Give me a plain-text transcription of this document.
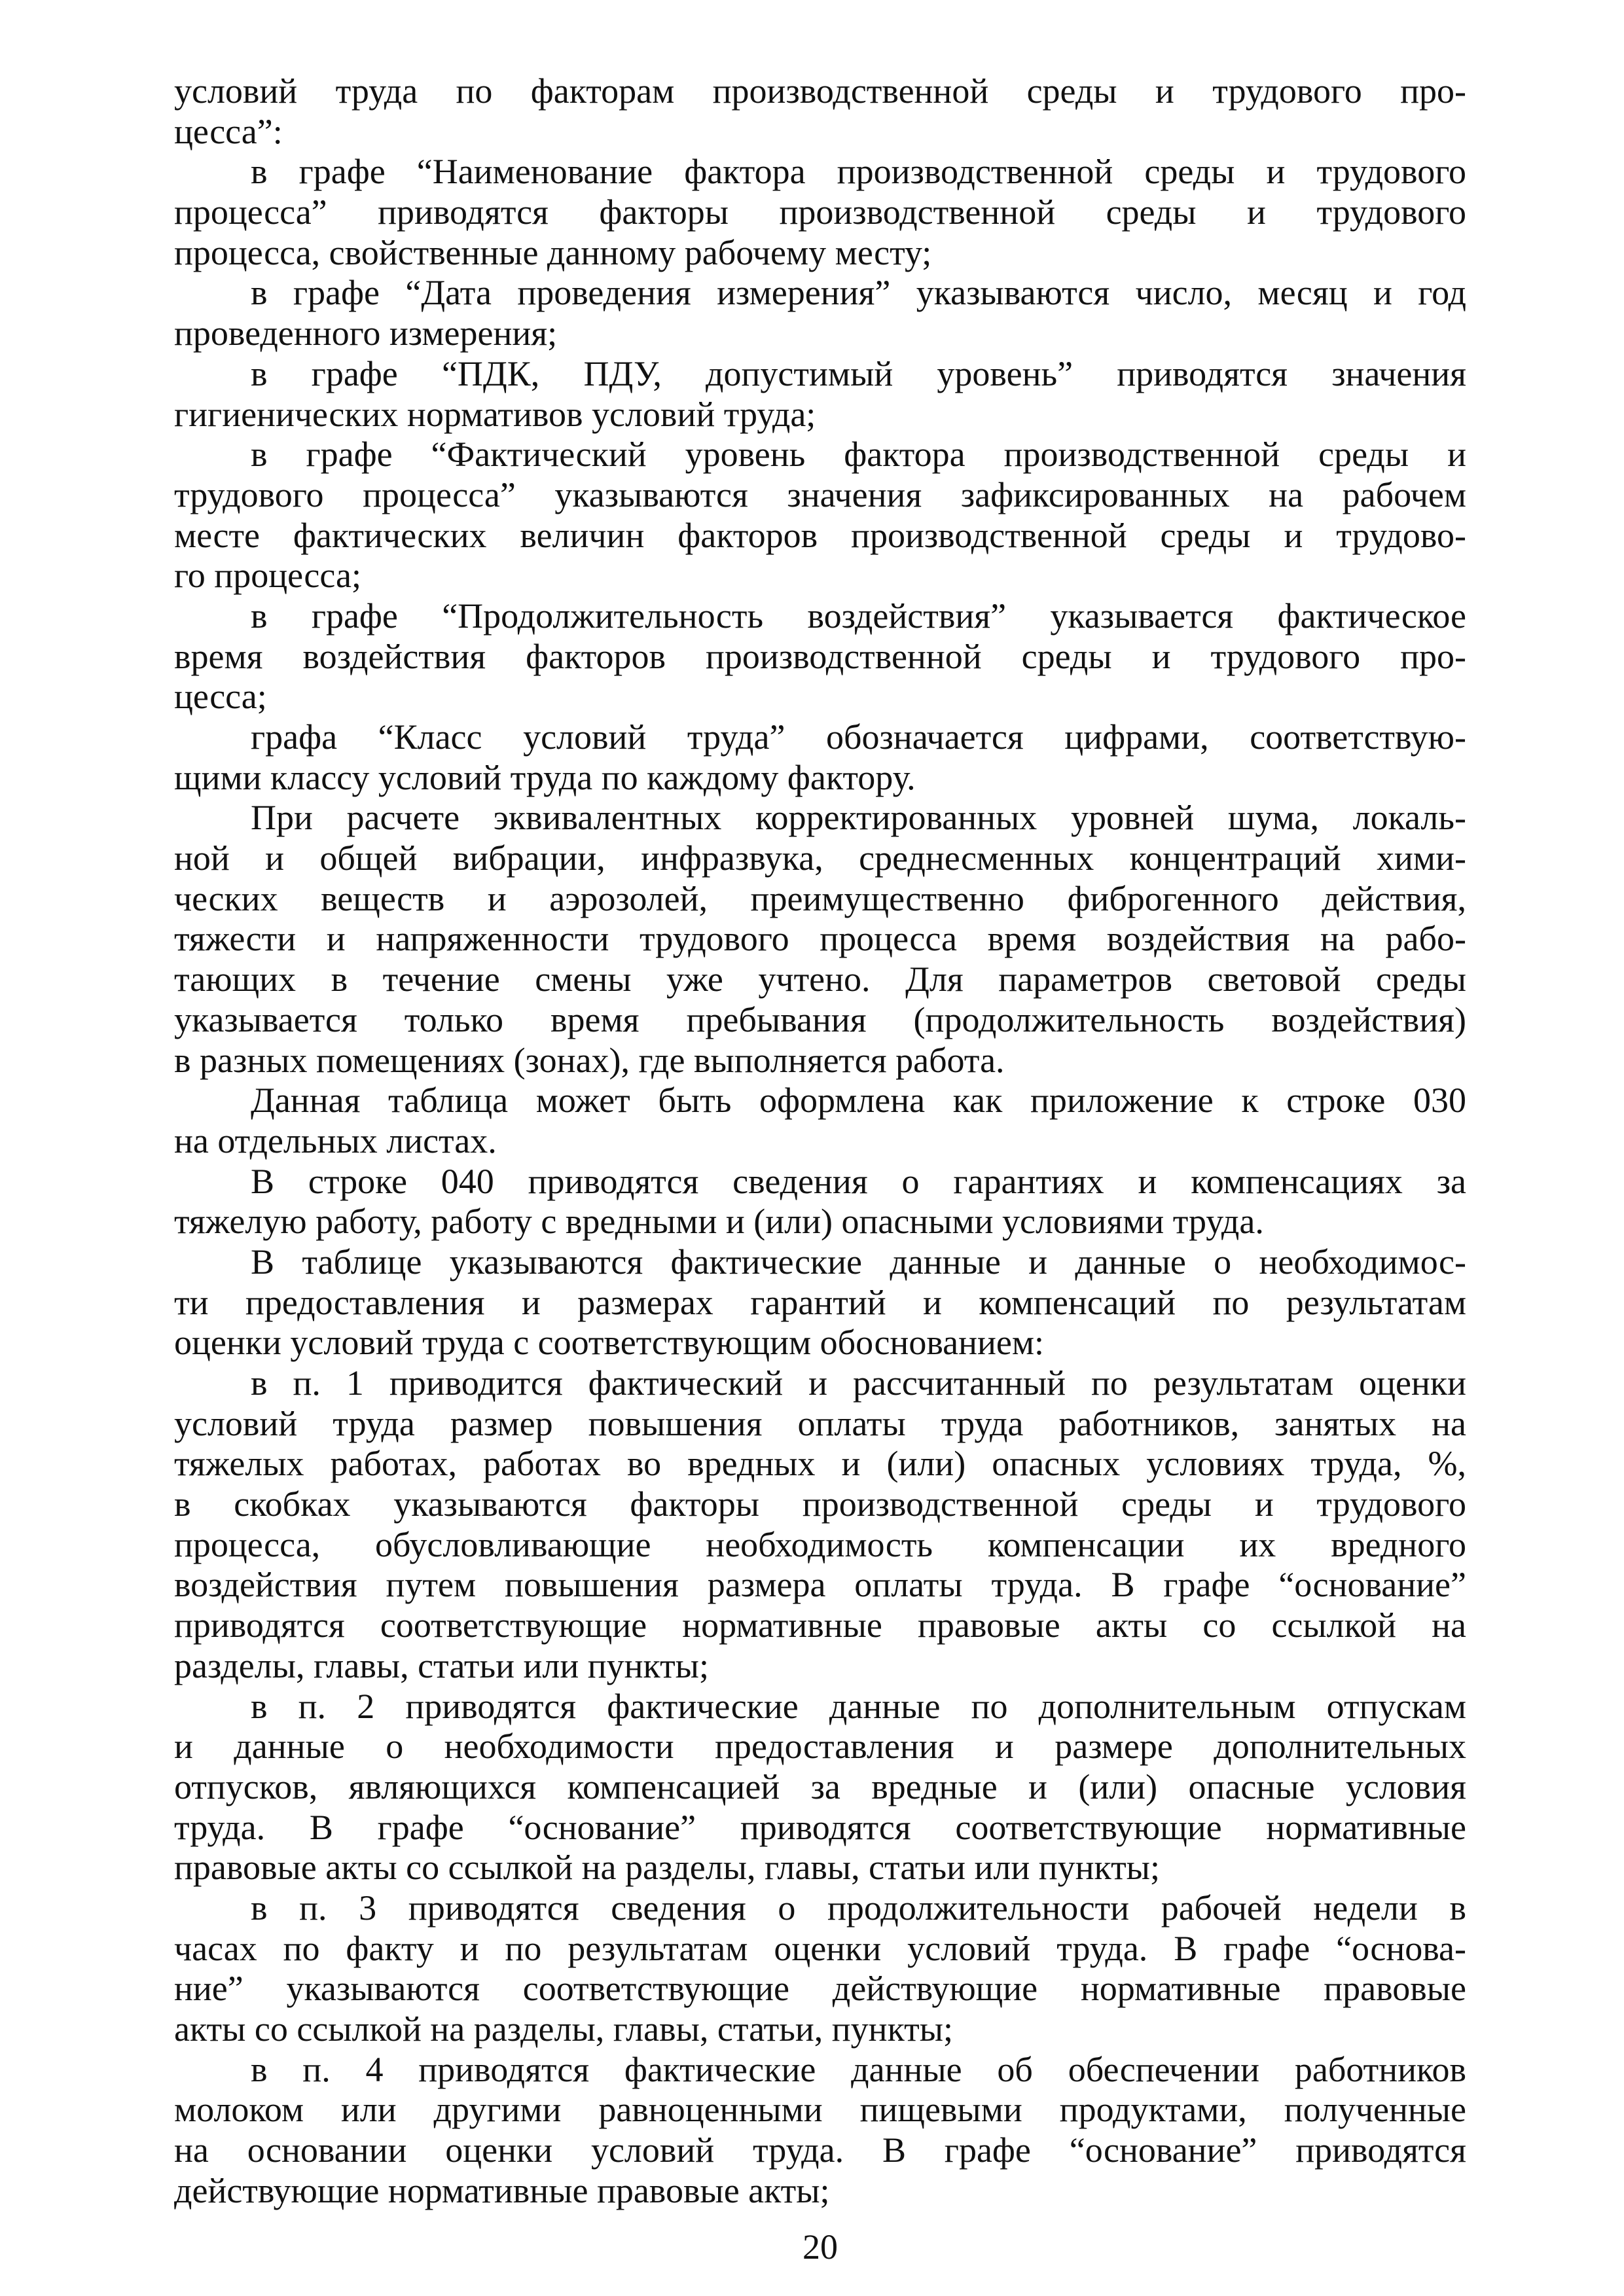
условий труда по факторам производственной среды и трудового про-
цесса”:
в графе “Наименование фактора производственной среды и трудового
процесса” приводятся факторы производственной среды и трудового
процесса, свойственные данному рабочему месту;
в графе “Дата проведения измерения” указываются число, месяц и год
проведенного измерения;
в графе “ПДК, ПДУ, допустимый уровень” приводятся значения
гигиенических нормативов условий труда;
в графе “Фактический уровень фактора производственной среды и
трудового процесса” указываются значения зафиксированных на рабочем
месте фактических величин факторов производственной среды и трудово-
го процесса;
в графе “Продолжительность воздействия” указывается фактическое
время воздействия факторов производственной среды и трудового про-
цесса;
графа “Класс условий труда” обозначается цифрами, соответствую-
щими классу условий труда по каждому фактору.
При расчете эквивалентных корректированных уровней шума, локаль-
ной и общей вибрации, инфразвука, среднесменных концентраций хими-
ческих веществ и аэрозолей, преимущественно фиброгенного действия,
тяжести и напряженности трудового процесса время воздействия на рабо-
тающих в течение смены уже учтено. Для параметров световой среды
указывается только время пребывания (продолжительность воздействия)
в разных помещениях (зонах), где выполняется работа.
Данная таблица может быть оформлена как приложение к строке 030
на отдельных листах.
В строке 040 приводятся сведения о гарантиях и компенсациях за
тяжелую работу, работу с вредными и (или) опасными условиями труда.
В таблице указываются фактические данные и данные о необходимос-
ти предоставления и размерах гарантий и компенсаций по результатам
оценки условий труда с соответствующим обоснованием:
в п. 1 приводится фактический и рассчитанный по результатам оценки
условий труда размер повышения оплаты труда работников, занятых на
тяжелых работах, работах во вредных и (или) опасных условиях труда, %,
в скобках указываются факторы производственной среды и трудового
процесса, обусловливающие необходимость компенсации их вредного
воздействия путем повышения размера оплаты труда. В графе “основание”
приводятся соответствующие нормативные правовые акты со ссылкой на
разделы, главы, статьи или пункты;
в п. 2 приводятся фактические данные по дополнительным отпускам
и данные о необходимости предоставления и размере дополнительных
отпусков, являющихся компенсацией за вредные и (или) опасные условия
труда. В графе “основание” приводятся соответствующие нормативные
правовые акты со ссылкой на разделы, главы, статьи или пункты;
в п. 3 приводятся сведения о продолжительности рабочей недели в
часах по факту и по результатам оценки условий труда. В графе “основа-
ние” указываются соответствующие действующие нормативные правовые
акты со ссылкой на разделы, главы, статьи, пункты;
в п. 4 приводятся фактические данные об обеспечении работников
молоком или другими равноценными пищевыми продуктами, полученные
на основании оценки условий труда. В графе “основание” приводятся
действующие нормативные правовые акты;
20
